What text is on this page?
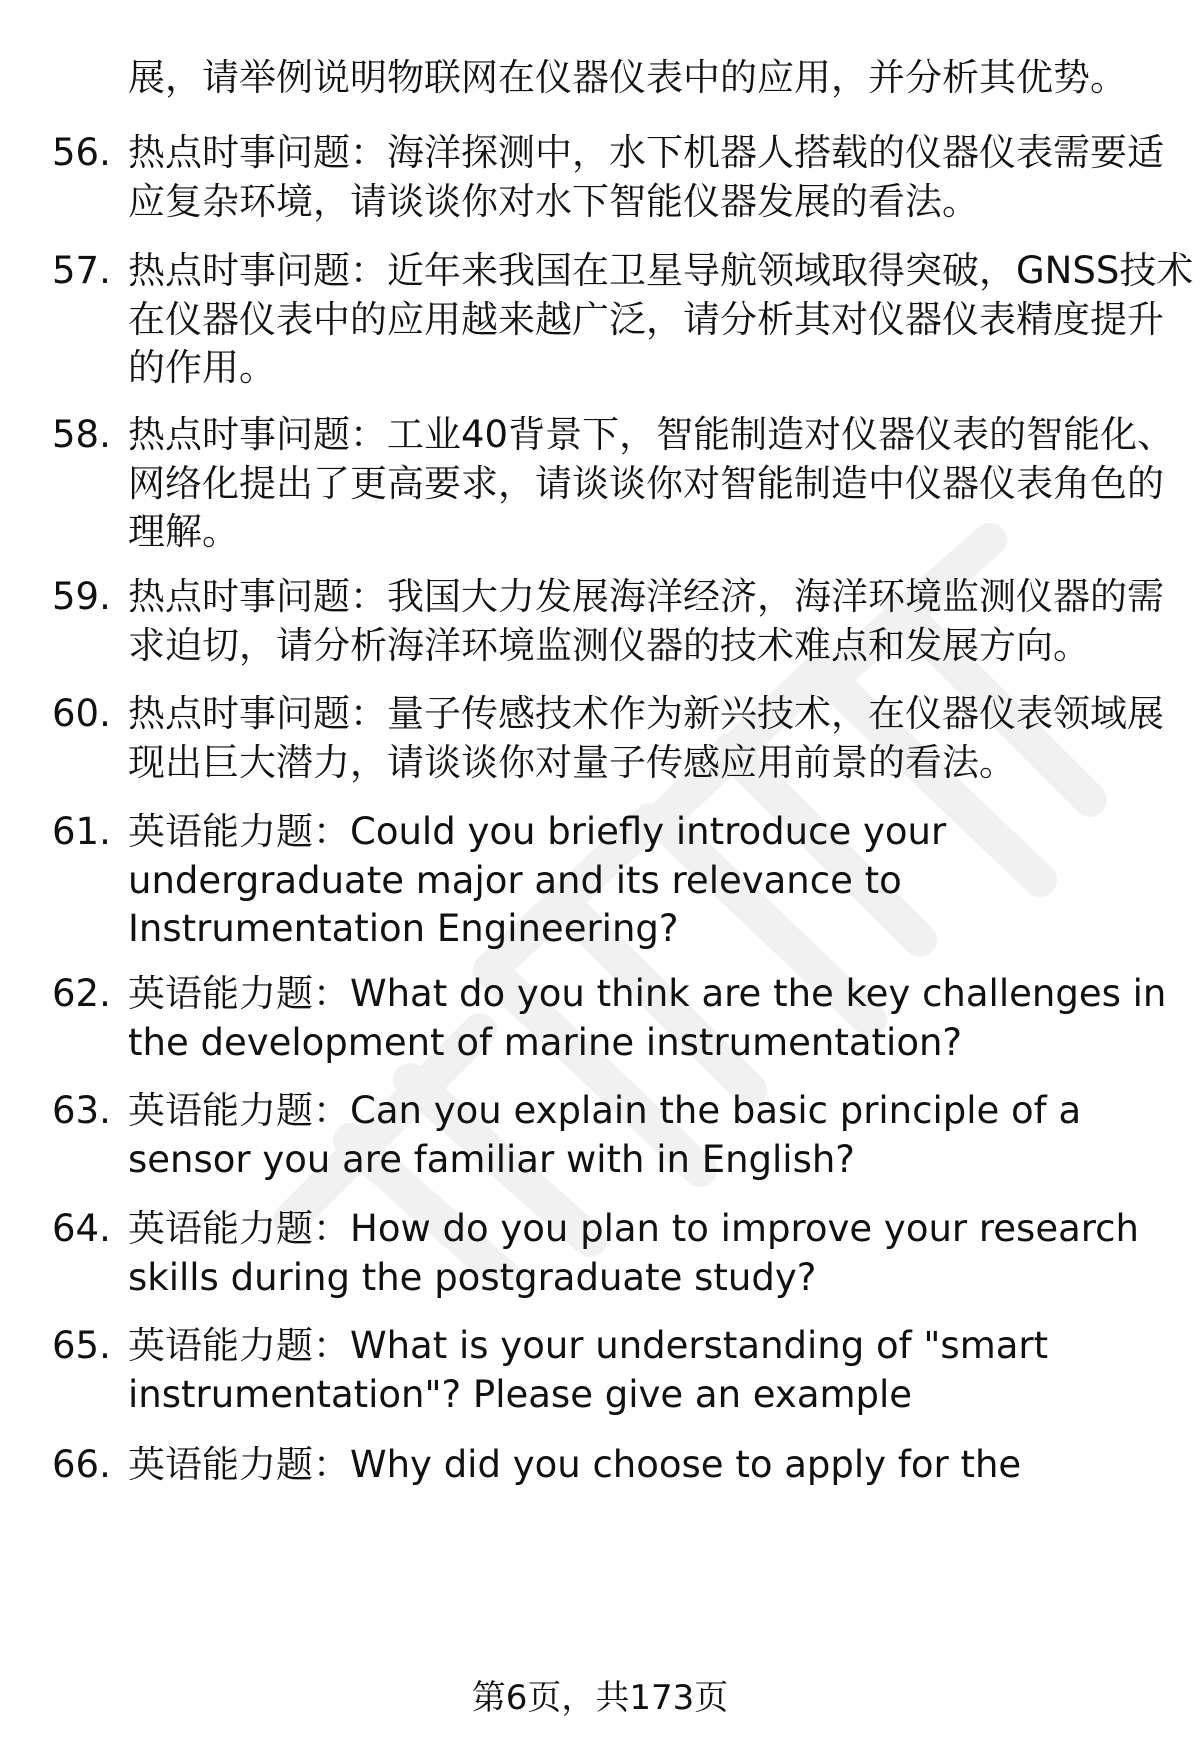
展，请举例说明物联网在仪器仪表中的应用，并分析其优势。
56. 热点时事问题：海洋探测中，水下机器人搭载的仪器仪表需要适应复杂环境，请谈谈你对水下智能仪器发展的看法。
57. 热点时事问题：近年来我国在卫星导航领域取得突破，GNSS技术在仪器仪表中的应用越来越广泛，请分析其对仪器仪表精度提升的作用。
58. 热点时事问题：工业40背景下，智能制造对仪器仪表的智能化、网络化提出了更高要求，请谈谈你对智能制造中仪器仪表角色的理解。
59. 热点时事问题：我国大力发展海洋经济，海洋环境监测仪器的需求迫切，请分析海洋环境监测仪器的技术难点和发展方向。
60. 热点时事问题：量子传感技术作为新兴技术，在仪器仪表领域展现出巨大潜力，请谈谈你对量子传感应用前景的看法。
61. 英语能力题：Could you briefly introduce your undergraduate major and its relevance to Instrumentation Engineering?
62. 英语能力题：What do you think are the key challenges in the development of marine instrumentation?
63. 英语能力题：Can you explain the basic principle of a sensor you are familiar with in English?
64. 英语能力题：How do you plan to improve your research skills during the postgraduate study?
65. 英语能力题：What is your understanding of "smart instrumentation"? Please give an example
66. 英语能力题：Why did you choose to apply for the
第6页，共173页
